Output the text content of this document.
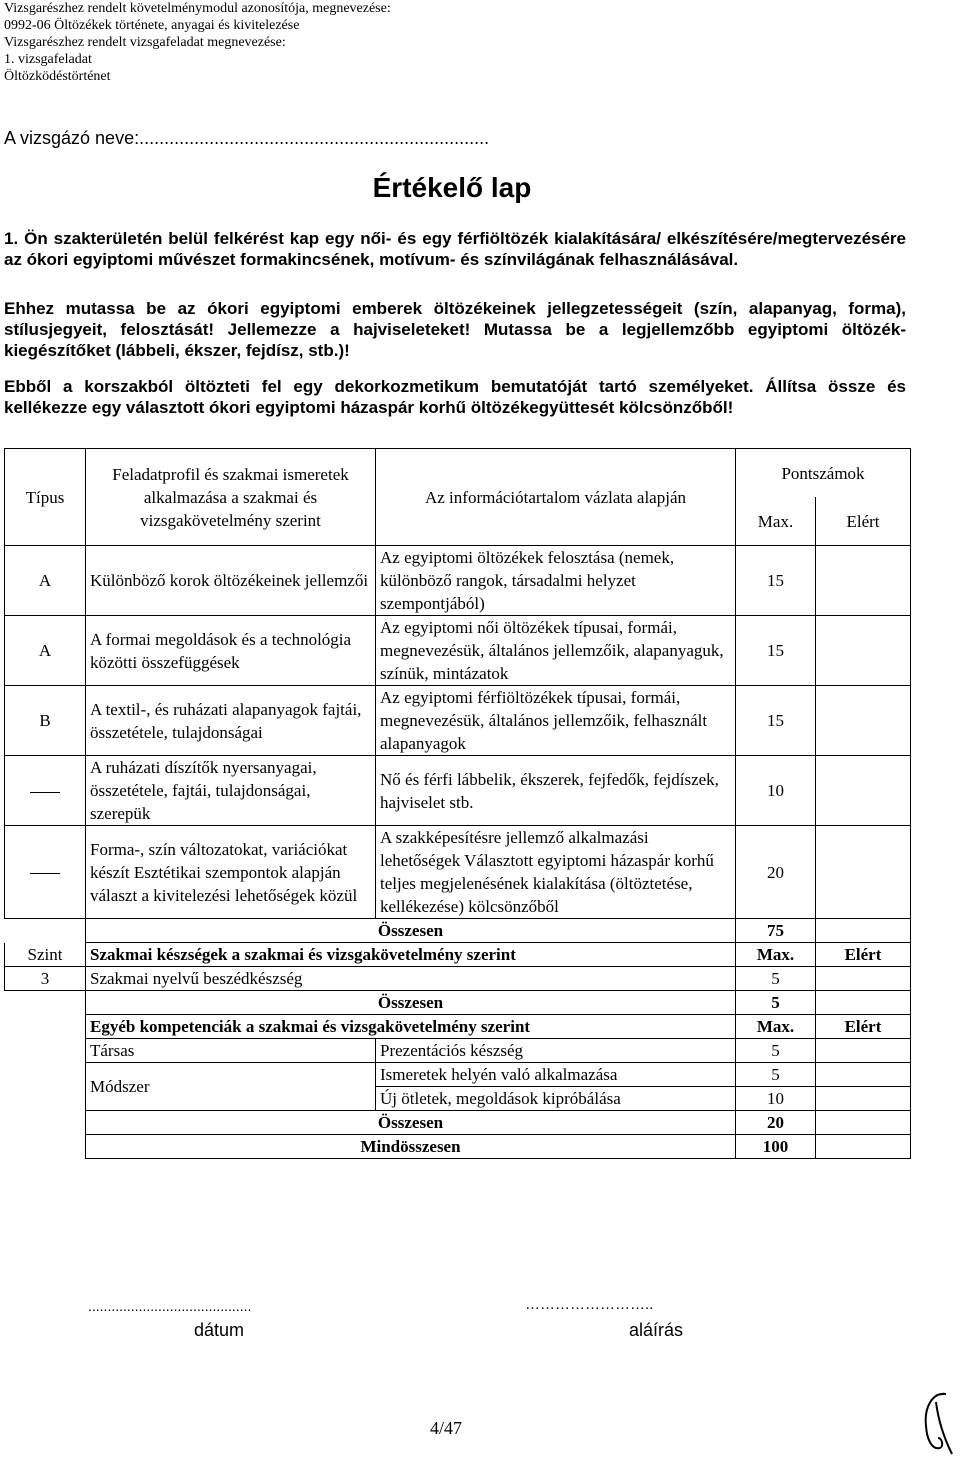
Vizsgarészhez rendelt követelménymodul azonosítója, megnevezése:
0992-06 Öltözékek története, anyagai és kivitelezése
Vizsgarészhez rendelt vizsgafeladat megnevezése:
1. vizsgafeladat
Öltözködéstörténet
A vizsgázó neve:......................................................................
Értékelő lap
1. Ön szakterületén belül felkérést kap egy női- és egy férfiöltözék kialakítására/ elkészítésére/megtervezésére az ókori egyiptomi művészet formakincsének, motívum- és színvilágának felhasználásával.
Ehhez mutassa be az ókori egyiptomi emberek öltözékeinek jellegzetességeit (szín, alapanyag, forma), stílusjegyeit, felosztását! Jellemezze a hajviseleteket! Mutassa be a legjellemzőbb egyiptomi öltözék-kiegészítőket (lábbeli, ékszer, fejdísz, stb.)!
Ebből a korszakból öltözteti fel egy dekorkozmetikum bemutatóját tartó személyeket. Állítsa össze és kellékezze egy választott ókori egyiptomi házaspár korhű öltözékegyüttesét kölcsönzőből!
Típus	Feladatprofil és szakmai ismeretek alkalmazása a szakmai és vizsgakövetelmény szerint	Az információtartalom vázlata alapján	Pontszámok	
			Max.	Elért
A	Különböző korok öltözékeinek jellemzői	Az egyiptomi öltözékek felosztása (nemek, különböző rangok, társadalmi helyzet szempontjából)	15	
A	A formai megoldások és a technológia közötti összefüggések	Az egyiptomi női öltözékek típusai, formái, megnevezésük, általános jellemzőik, alapanyaguk, színük, mintázatok	15	
B	A textil-, és ruházati alapanyagok fajtái, összetétele, tulajdonságai	Az egyiptomi férfiöltözékek típusai, formái, megnevezésük, általános jellemzőik, felhasznált alapanyagok	15	
	A ruházati díszítők nyersanyagai, összetétele, fajtái, tulajdonságai, szerepük	Nő és férfi lábbelik, ékszerek, fejfedők, fejdíszek, hajviselet stb.	10	
	Forma-, szín változatokat, variációkat készít Esztétikai szempontok alapján választ a kivitelezési lehetőségek közül	A szakképesítésre jellemző alkalmazási lehetőségek Választott egyiptomi házaspár korhű teljes megjelenésének kialakítása (öltöztetése, kellékezése) kölcsönzőből	20	
	Összesen		75	
Szint	Szakmai készségek a szakmai és vizsgakövetelmény szerint		Max.	Elért
3	Szakmai nyelvű beszédkészség		5	
	Összesen		5	
	Egyéb kompetenciák a szakmai és vizsgakövetelmény szerint		Max.	Elért
	Társas	Prezentációs készség	5	
	Módszer	Ismeretek helyén való alkalmazása	5	
		Új ötletek, megoldások kipróbálása	10	
	Összesen		20	
	Mindösszesen		100	
..........................................
dátum
……………………..
aláírás
4/47
